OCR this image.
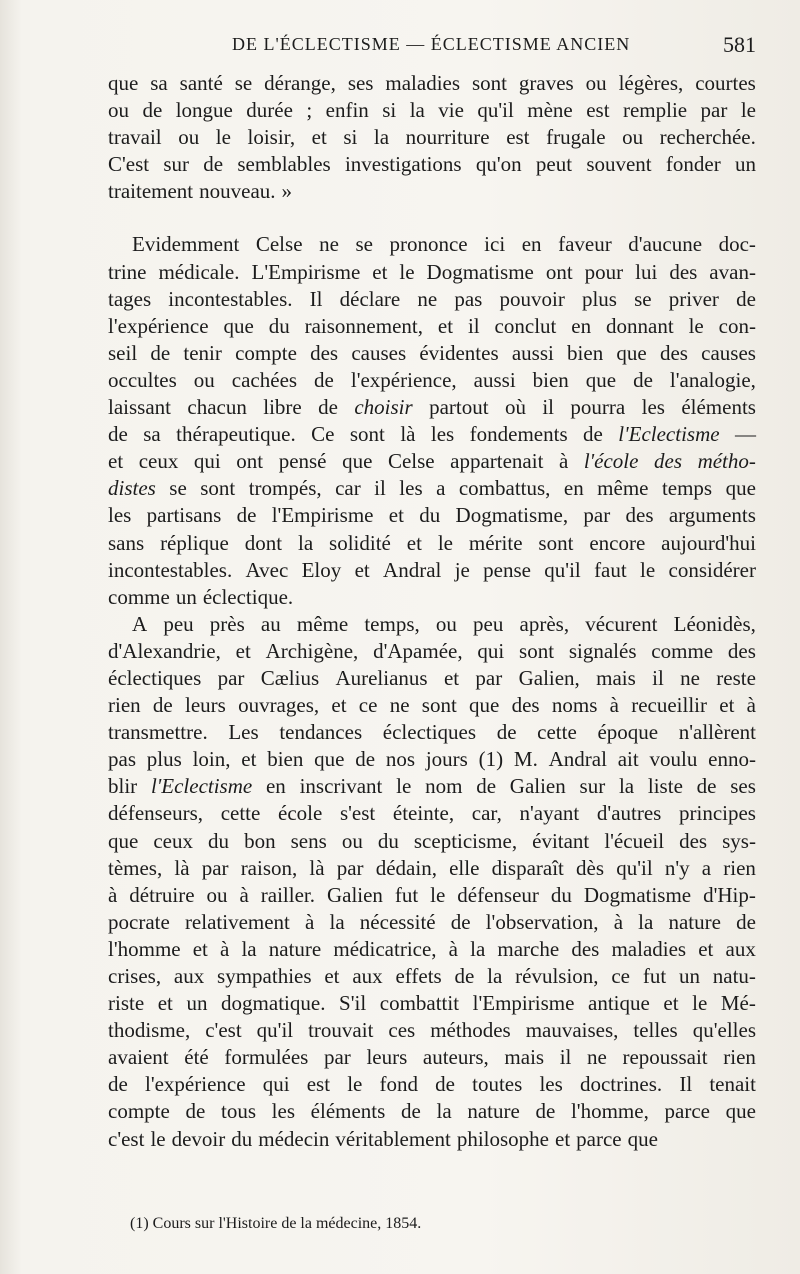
DE L'ÉCLECTISME — ÉCLECTISME ANCIEN	581
que sa santé se dérange, ses maladies sont graves ou légères, courtes
ou de longue durée ; enfin si la vie qu'il mène est remplie par le
travail ou le loisir, et si la nourriture est frugale ou recherchée.
C'est sur de semblables investigations qu'on peut souvent fonder un
traitement nouveau. »
Evidemment Celse ne se prononce ici en faveur d'aucune doc-
trine médicale. L'Empirisme et le Dogmatisme ont pour lui des avan-
tages incontestables. Il déclare ne pas pouvoir plus se priver de
l'expérience que du raisonnement, et il conclut en donnant le con-
seil de tenir compte des causes évidentes aussi bien que des causes
occultes ou cachées de l'expérience, aussi bien que de l'analogie,
laissant chacun libre de choisir partout où il pourra les éléments
de sa thérapeutique. Ce sont là les fondements de l'Eclectisme —
et ceux qui ont pensé que Celse appartenait à l'école des métho-
distes se sont trompés, car il les a combattus, en même temps que
les partisans de l'Empirisme et du Dogmatisme, par des arguments
sans réplique dont la solidité et le mérite sont encore aujourd'hui
incontestables. Avec Eloy et Andral je pense qu'il faut le considérer
comme un éclectique.
A peu près au même temps, ou peu après, vécurent Léonidès,
d'Alexandrie, et Archigène, d'Apamée, qui sont signalés comme des
éclectiques par Cælius Aurelianus et par Galien, mais il ne reste
rien de leurs ouvrages, et ce ne sont que des noms à recueillir et à
transmettre. Les tendances éclectiques de cette époque n'allèrent
pas plus loin, et bien que de nos jours (1) M. Andral ait voulu enno-
blir l'Eclectisme en inscrivant le nom de Galien sur la liste de ses
défenseurs, cette école s'est éteinte, car, n'ayant d'autres principes
que ceux du bon sens ou du scepticisme, évitant l'écueil des sys-
tèmes, là par raison, là par dédain, elle disparaît dès qu'il n'y a rien
à détruire ou à railler. Galien fut le défenseur du Dogmatisme d'Hip-
pocrate relativement à la nécessité de l'observation, à la nature de
l'homme et à la nature médicatrice, à la marche des maladies et aux
crises, aux sympathies et aux effets de la révulsion, ce fut un natu-
riste et un dogmatique. S'il combattit l'Empirisme antique et le Mé-
thodisme, c'est qu'il trouvait ces méthodes mauvaises, telles qu'elles
avaient été formulées par leurs auteurs, mais il ne repoussait rien
de l'expérience qui est le fond de toutes les doctrines. Il tenait
compte de tous les éléments de la nature de l'homme, parce que
c'est le devoir du médecin véritablement philosophe et parce que
(1) Cours sur l'Histoire de la médecine, 1854.
